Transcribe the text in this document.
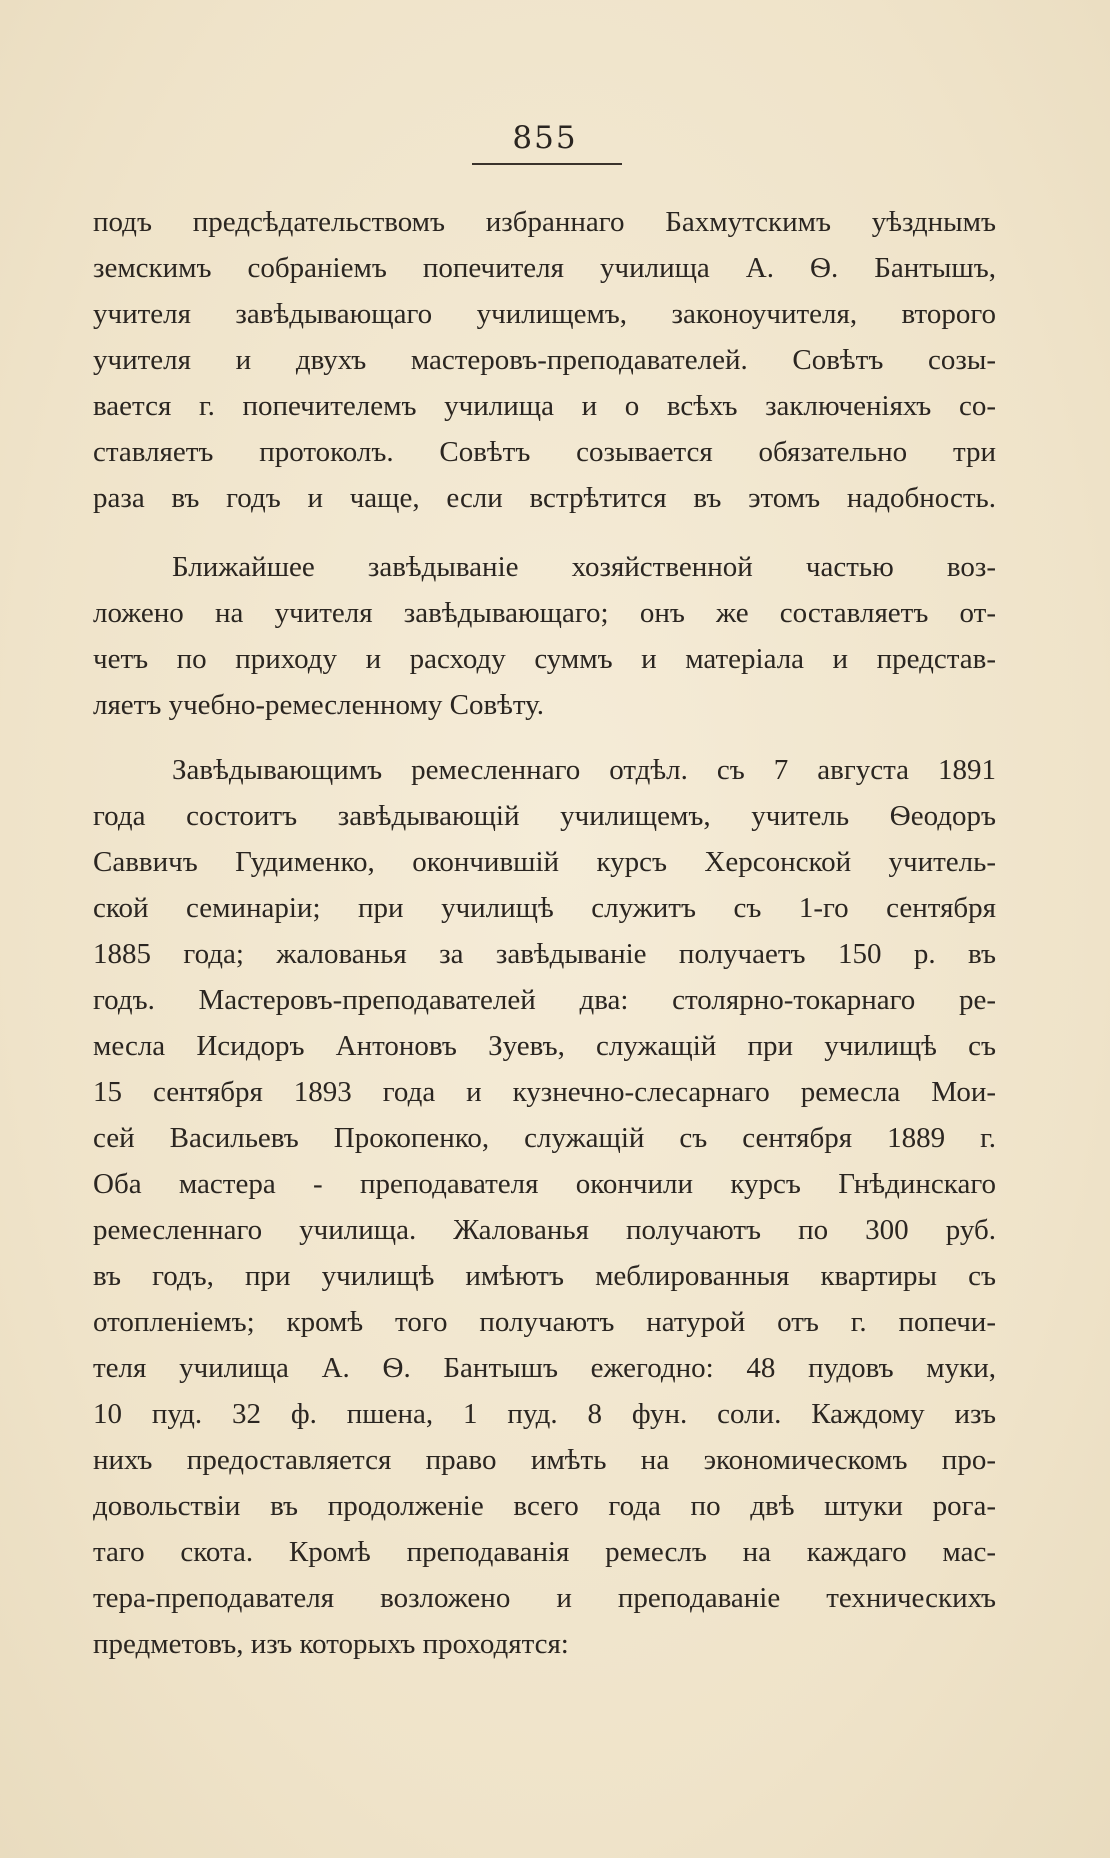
855
подъ предсѣдательствомъ избраннаго Бахмутскимъ уѣзднымъ
земскимъ собраніемъ попечителя училища А. Ѳ. Бантышъ,
учителя завѣдывающаго училищемъ, законоучителя, второго
учителя и двухъ мастеровъ-преподавателей. Совѣтъ созы-
вается г. попечителемъ училища и о всѣхъ заключеніяхъ со-
ставляетъ протоколъ. Совѣтъ созывается обязательно три
раза въ годъ и чаще, если встрѣтится въ этомъ надобность.
Ближайшее завѣдываніе хозяйственной частью воз-
ложено на учителя завѣдывающаго; онъ же составляетъ от-
четъ по приходу и расходу суммъ и матеріала и представ-
ляетъ учебно-ремесленному Совѣту.
Завѣдывающимъ ремесленнаго отдѣл. съ 7 августа 1891
года состоитъ завѣдывающій училищемъ, учитель Ѳеодоръ
Саввичъ Гудименко, окончившій курсъ Херсонской учитель-
ской семинаріи; при училищѣ служитъ съ 1-го сентября
1885 года; жалованья за завѣдываніе получаетъ 150 р. въ
годъ. Мастеровъ-преподавателей два: столярно-токарнаго ре-
месла Исидоръ Антоновъ Зуевъ, служащій при училищѣ съ
15 сентября 1893 года и кузнечно-слесарнаго ремесла Мои-
сей Васильевъ Прокопенко, служащій съ сентября 1889 г.
Оба мастера - преподавателя окончили курсъ Гнѣдинскаго
ремесленнаго училища. Жалованья получаютъ по 300 руб.
въ годъ, при училищѣ имѣютъ меблированныя квартиры съ
отопленіемъ; кромѣ того получаютъ натурой отъ г. попечи-
теля училища А. Ѳ. Бантышъ ежегодно: 48 пудовъ муки,
10 пуд. 32 ф. пшена, 1 пуд. 8 фун. соли. Каждому изъ
нихъ предоставляется право имѣть на экономическомъ про-
довольствіи въ продолженіе всего года по двѣ штуки рога-
таго скота. Кромѣ преподаванія ремеслъ на каждаго мас-
тера-преподавателя возложено и преподаваніе техническихъ
предметовъ, изъ которыхъ проходятся:
